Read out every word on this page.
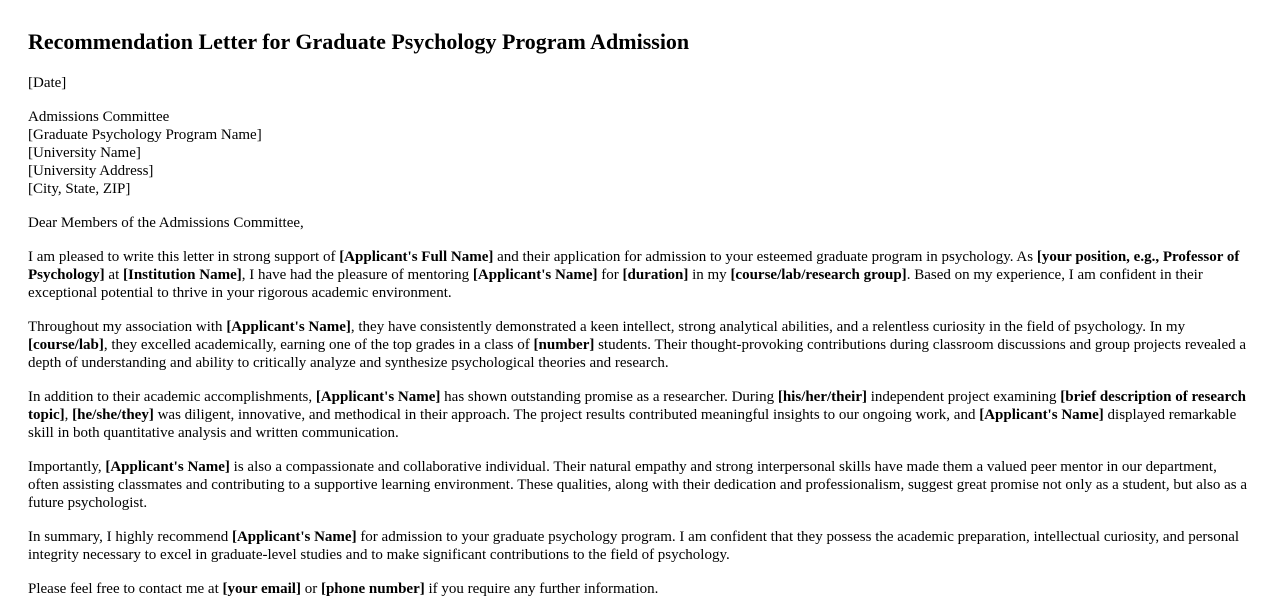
Recommendation Letter for Graduate Psychology Program Admission

[Date]

Admissions Committee
[Graduate Psychology Program Name]
[University Name]
[University Address]
[City, State, ZIP]

Dear Members of the Admissions Committee,

I am pleased to write this letter in strong support of [Applicant's Full Name] and their application for admission to your esteemed graduate program in psychology. As [your position, e.g., Professor of Psychology] at [Institution Name], I have had the pleasure of mentoring [Applicant's Name] for [duration] in my [course/lab/research group]. Based on my experience, I am confident in their exceptional potential to thrive in your rigorous academic environment.

Throughout my association with [Applicant's Name], they have consistently demonstrated a keen intellect, strong analytical abilities, and a relentless curiosity in the field of psychology. In my [course/lab], they excelled academically, earning one of the top grades in a class of [number] students. Their thought-provoking contributions during classroom discussions and group projects revealed a depth of understanding and ability to critically analyze and synthesize psychological theories and research.

In addition to their academic accomplishments, [Applicant's Name] has shown outstanding promise as a researcher. During [his/her/their] independent project examining [brief description of research topic], [he/she/they] was diligent, innovative, and methodical in their approach. The project results contributed meaningful insights to our ongoing work, and [Applicant's Name] displayed remarkable skill in both quantitative analysis and written communication.

Importantly, [Applicant's Name] is also a compassionate and collaborative individual. Their natural empathy and strong interpersonal skills have made them a valued peer mentor in our department, often assisting classmates and contributing to a supportive learning environment. These qualities, along with their dedication and professionalism, suggest great promise not only as a student, but also as a future psychologist.

In summary, I highly recommend [Applicant's Name] for admission to your graduate psychology program. I am confident that they possess the academic preparation, intellectual curiosity, and personal integrity necessary to excel in graduate-level studies and to make significant contributions to the field of psychology.

Please feel free to contact me at [your email] or [phone number] if you require any further information.
